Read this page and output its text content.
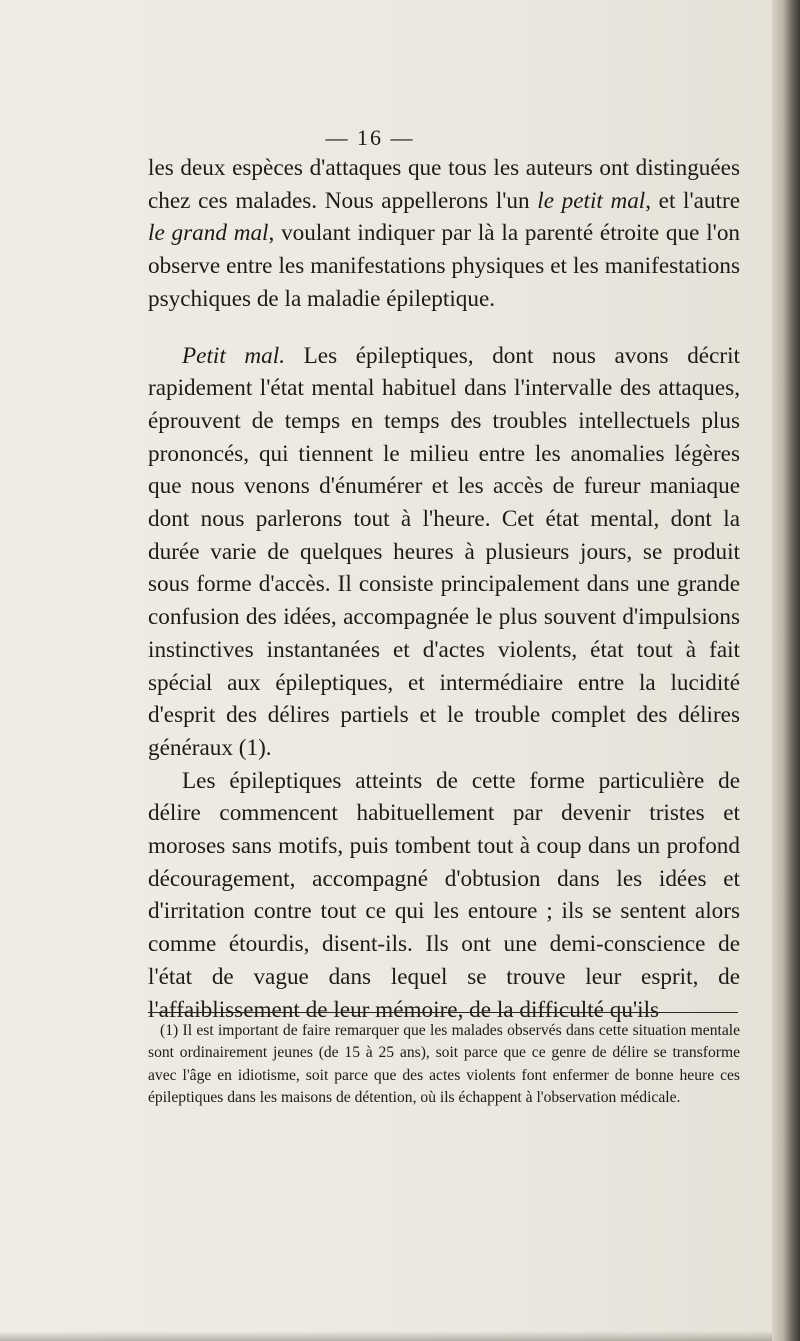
— 16 —

les deux espèces d'attaques que tous les auteurs ont distinguées chez ces malades. Nous appellerons l'un le petit mal, et l'autre le grand mal, voulant indiquer par là la parenté étroite que l'on observe entre les manifestations physiques et les manifestations psychiques de la maladie épileptique.

Petit mal. Les épileptiques, dont nous avons décrit rapidement l'état mental habituel dans l'intervalle des attaques, éprouvent de temps en temps des troubles intellectuels plus prononcés, qui tiennent le milieu entre les anomalies légères que nous venons d'énumérer et les accès de fureur maniaque dont nous parlerons tout à l'heure. Cet état mental, dont la durée varie de quelques heures à plusieurs jours, se produit sous forme d'accès. Il consiste principalement dans une grande confusion des idées, accompagnée le plus souvent d'impulsions instinctives instantanées et d'actes violents, état tout à fait spécial aux épileptiques, et intermédiaire entre la lucidité d'esprit des délires partiels et le trouble complet des délires généraux (1).

Les épileptiques atteints de cette forme particulière de délire commencent habituellement par devenir tristes et moroses sans motifs, puis tombent tout à coup dans un profond découragement, accompagné d'obtusion dans les idées et d'irritation contre tout ce qui les entoure ; ils se sentent alors comme étourdis, disent-ils. Ils ont une demi-conscience de l'état de vague dans lequel se trouve leur esprit, de l'affaiblissement de leur mémoire, de la difficulté qu'ils

(1) Il est important de faire remarquer que les malades observés dans cette situation mentale sont ordinairement jeunes (de 15 à 25 ans), soit parce que ce genre de délire se transforme avec l'âge en idiotisme, soit parce que des actes violents font enfermer de bonne heure ces épileptiques dans les maisons de détention, où ils échappent à l'observation médicale.
